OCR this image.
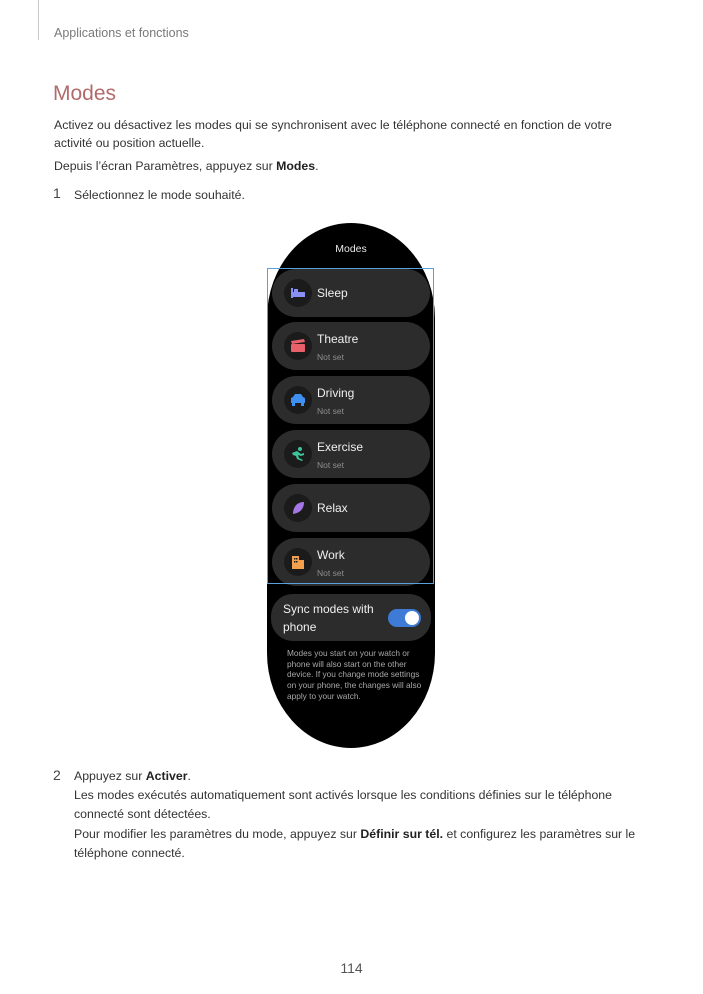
Applications et fonctions
Modes
Activez ou désactivez les modes qui se synchronisent avec le téléphone connecté en fonction de votre
activité ou position actuelle.
Depuis l’écran Paramètres, appuyez sur Modes.
1 Sélectionnez le mode souhaité.
Modes
Sleep
Theatre
Not set
Driving
Not set
Exercise
Not set
Relax
Work
Not set
Sync modes with phone
Modes you start on your watch or phone will also start on the other device. If you change mode settings on your phone, the changes will also apply to your watch.
2 Appuyez sur Activer.
Les modes exécutés automatiquement sont activés lorsque les conditions définies sur le téléphone connecté sont détectées.
Pour modifier les paramètres du mode, appuyez sur Définir sur tél. et configurez les paramètres sur le téléphone connecté.
114
